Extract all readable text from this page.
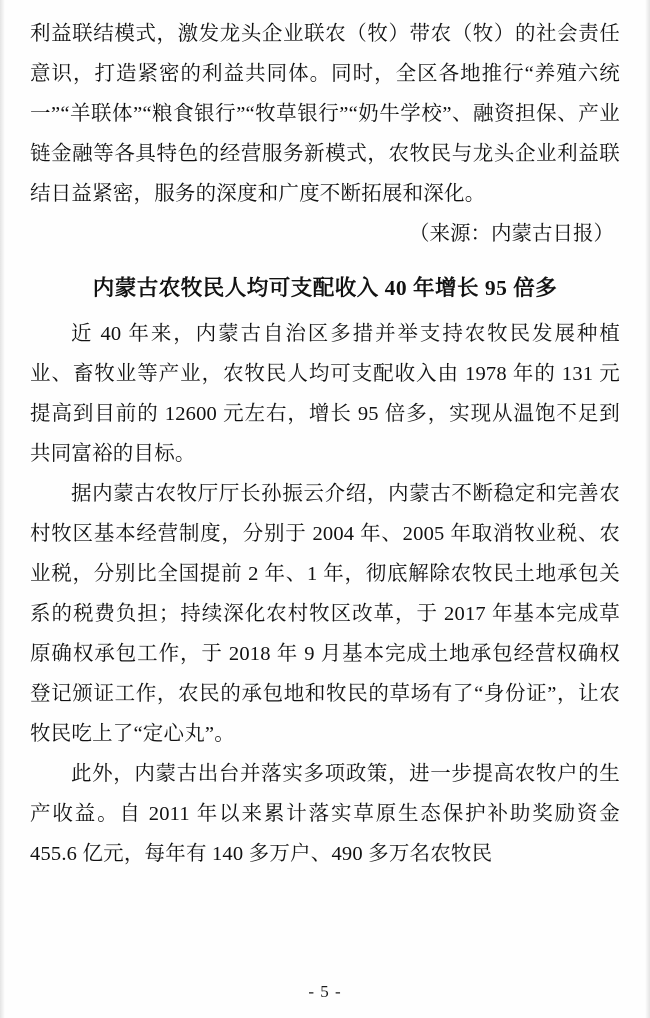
利益联结模式，激发龙头企业联农（牧）带农（牧）的社会责任意识，打造紧密的利益共同体。同时，全区各地推行“养殖六统一”“羊联体”“粮食银行”“牧草银行”“奶牛学校”、融资担保、产业链金融等各具特色的经营服务新模式，农牧民与龙头企业利益联结日益紧密，服务的深度和广度不断拓展和深化。

（来源：内蒙古日报）

内蒙古农牧民人均可支配收入 40 年增长 95 倍多

近 40 年来，内蒙古自治区多措并举支持农牧民发展种植业、畜牧业等产业，农牧民人均可支配收入由 1978 年的 131 元提高到目前的 12600 元左右，增长 95 倍多，实现从温饱不足到共同富裕的目标。

据内蒙古农牧厅厅长孙振云介绍，内蒙古不断稳定和完善农村牧区基本经营制度，分别于 2004 年、2005 年取消牧业税、农业税，分别比全国提前 2 年、1 年，彻底解除农牧民土地承包关系的税费负担；持续深化农村牧区改革，于 2017 年基本完成草原确权承包工作，于 2018 年 9 月基本完成土地承包经营权确权登记颁证工作，农民的承包地和牧民的草场有了“身份证”，让农牧民吃上了“定心丸”。

此外，内蒙古出台并落实多项政策，进一步提高农牧户的生产收益。自 2011 年以来累计落实草原生态保护补助奖励资金 455.6 亿元，每年有 140 多万户、490 多万名农牧民

- 5 -
